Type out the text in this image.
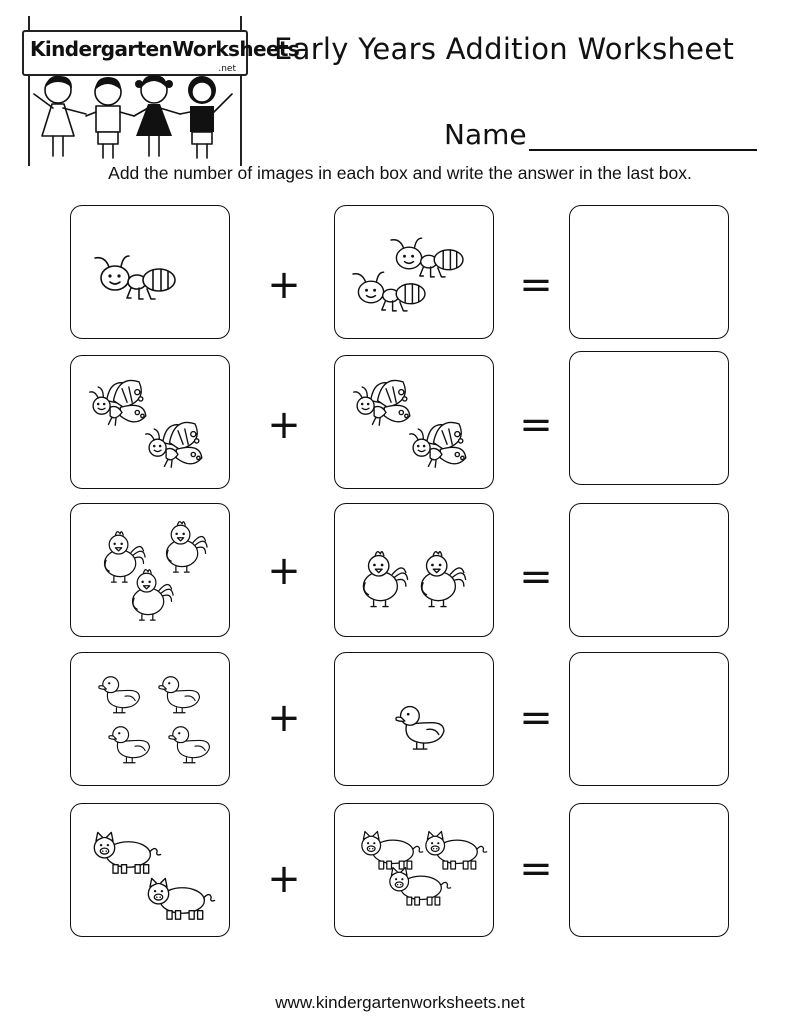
KindergartenWorksheets
.net
Early Years Addition Worksheet
Name
Add the number of images in each box and write the answer in the last box.
+	=
+	=
+	=
+	=
+	=
www.kindergartenworksheets.net
